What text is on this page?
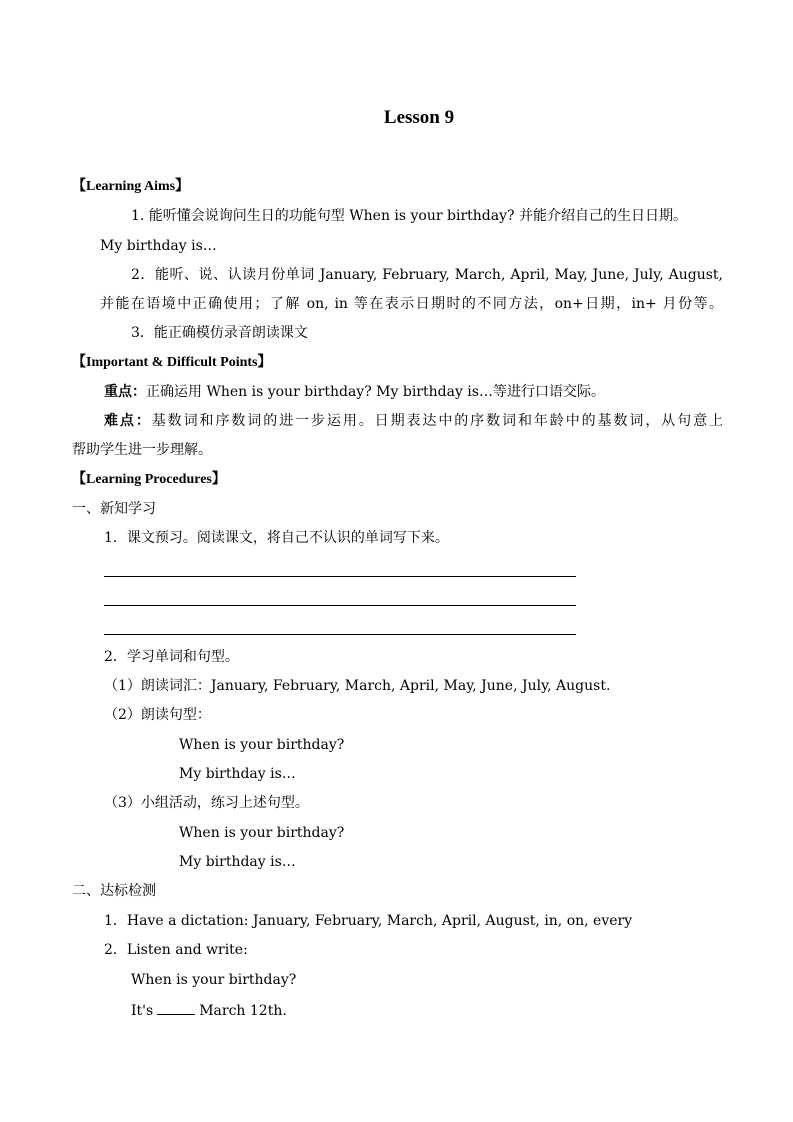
Lesson 9
【Learning Aims】
1. 能听懂会说询问生日的功能句型 When is your birthday? 并能介绍自己的生日日期。
My birthday is…
2．能听、说、认读月份单词 January, February, March, April, May, June, July, August,
并能在语境中正确使用；了解 on, in 等在表示日期时的不同方法，on+日期，in+ 月份等。
3．能正确模仿录音朗读课文
【Important & Difficult Points】
重点：正确运用 When is your birthday? My birthday is…等进行口语交际。
难点：基数词和序数词的进一步运用。日期表达中的序数词和年龄中的基数词，从句意上
帮助学生进一步理解。
【Learning Procedures】
一、新知学习
1．课文预习。阅读课文，将自己不认识的单词写下来。
2．学习单词和句型。
（1）朗读词汇：January, February, March, April, May, June, July, August.
（2）朗读句型：
When is your birthday?
My birthday is…
（3）小组活动，练习上述句型。
When is your birthday?
My birthday is…
二、达标检测
1．Have a dictation: January, February, March, April, August, in, on, every
2．Listen and write:
When is your birthday?
It's	March 12th.
